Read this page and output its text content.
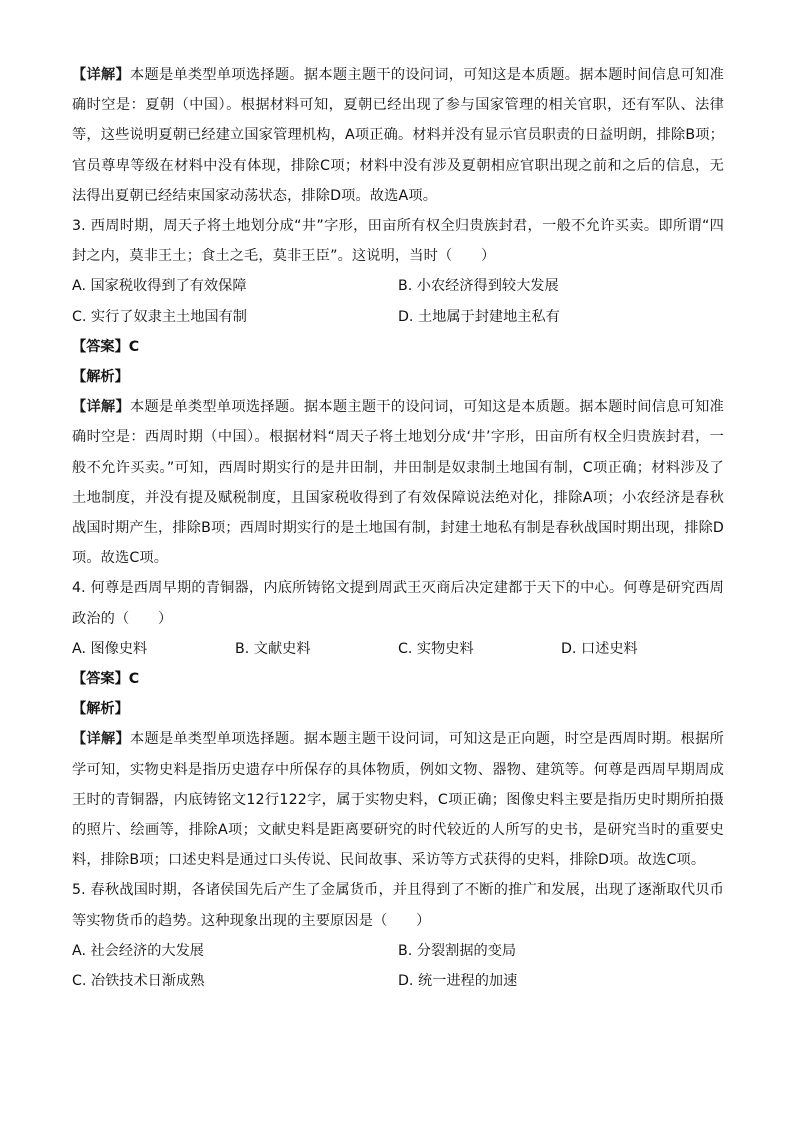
【详解】本题是单类型单项选择题。据本题主题干的设问词，可知这是本质题。据本题时间信息可知准确时空是：夏朝（中国）。根据材料可知，夏朝已经出现了参与国家管理的相关官职，还有军队、法律等，这些说明夏朝已经建立国家管理机构，A项正确。材料并没有显示官员职责的日益明朗，排除B项；官员尊卑等级在材料中没有体现，排除C项；材料中没有涉及夏朝相应官职出现之前和之后的信息，无法得出夏朝已经结束国家动荡状态，排除D项。故选A项。

3. 西周时期，周天子将土地划分成“井”字形，田亩所有权全归贵族封君，一般不允许买卖。即所谓“四封之内，莫非王土；食土之毛，莫非王臣”。这说明，当时（　　）

A. 国家税收得到了有效保障	B. 小农经济得到较大发展
C. 实行了奴隶主土地国有制	D. 土地属于封建地主私有

【答案】C

【解析】

【详解】本题是单类型单项选择题。据本题主题干的设问词，可知这是本质题。据本题时间信息可知准确时空是：西周时期（中国）。根据材料“周天子将土地划分成‘井’字形，田亩所有权全归贵族封君，一般不允许买卖。”可知，西周时期实行的是井田制，井田制是奴隶制土地国有制，C项正确；材料涉及了土地制度，并没有提及赋税制度，且国家税收得到了有效保障说法绝对化，排除A项；小农经济是春秋战国时期产生，排除B项；西周时期实行的是土地国有制，封建土地私有制是春秋战国时期出现，排除D项。故选C项。

4. 何尊是西周早期的青铜器，内底所铸铭文提到周武王灭商后决定建都于天下的中心。何尊是研究西周政治的（　　）

A. 图像史料	B. 文献史料	C. 实物史料	D. 口述史料

【答案】C

【解析】

【详解】本题是单类型单项选择题。据本题主题干设问词，可知这是正向题，时空是西周时期。根据所学可知，实物史料是指历史遗存中所保存的具体物质，例如文物、器物、建筑等。何尊是西周早期周成王时的青铜器，内底铸铭文12行122字，属于实物史料，C项正确；图像史料主要是指历史时期所拍摄的照片、绘画等，排除A项；文献史料是距离要研究的时代较近的人所写的史书，是研究当时的重要史料，排除B项；口述史料是通过口头传说、民间故事、采访等方式获得的史料，排除D项。故选C项。

5. 春秋战国时期，各诸侯国先后产生了金属货币，并且得到了不断的推广和发展，出现了逐渐取代贝币等实物货币的趋势。这种现象出现的主要原因是（　　）

A. 社会经济的大发展	B. 分裂割据的变局
C. 冶铁技术日渐成熟	D. 统一进程的加速
